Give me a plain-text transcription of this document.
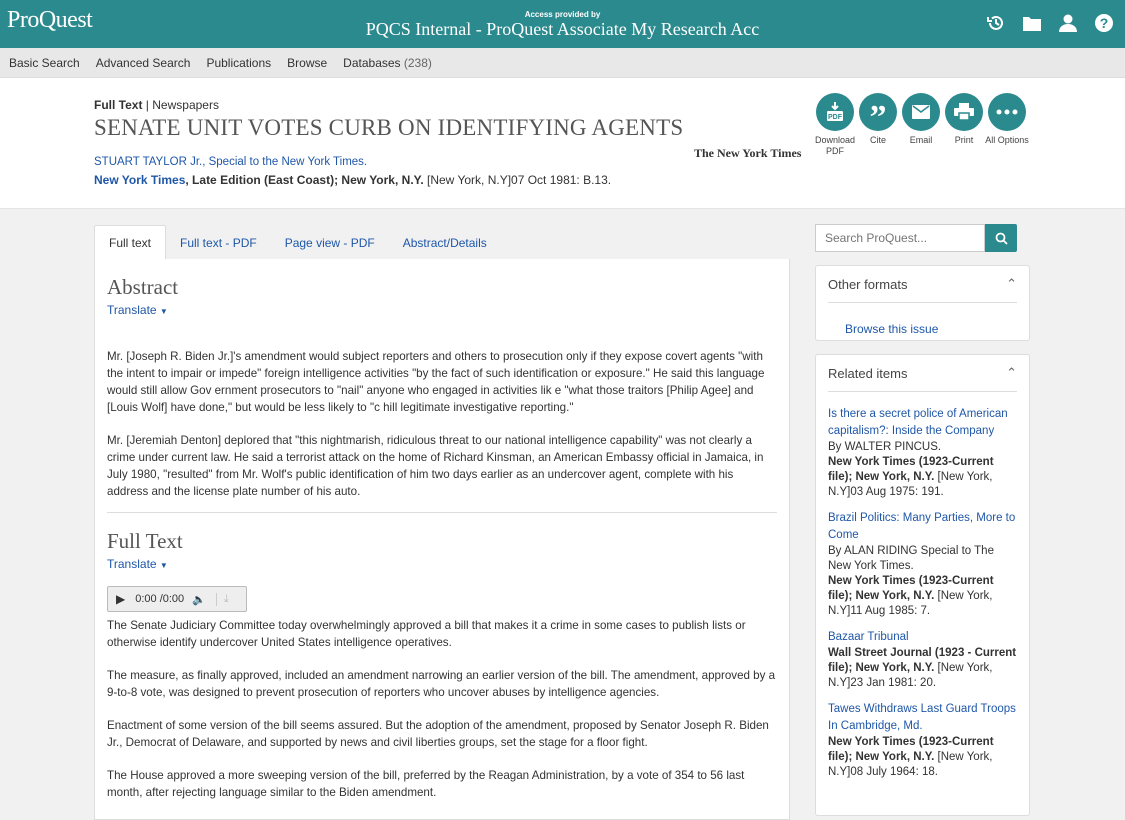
ProQuest	Access provided by
PQCS Internal - ProQuest Associate My Research Acc	?
Basic Search Advanced Search Publications Browse Databases (238)
Full Text | Newspapers
SENATE UNIT VOTES CURB ON IDENTIFYING AGENTS
STUART TAYLOR Jr., Special to the New York Times.
New York Times, Late Edition (East Coast); New York, N.Y. [New York, N.Y]07 Oct 1981: B.13.
The New York Times
PDF
Download PDF
”
Cite	Email	Print	All Options
Full text	Full text - PDF	Page view - PDF	Abstract/Details
Abstract
Translate ▼

Mr. [Joseph R. Biden Jr.]'s amendment would subject reporters and others to prosecution only if they expose covert agents "with the intent to impair or impede" foreign intelligence activities "by the fact of such identification or exposure." He said this language would still allow Gov ernment prosecutors to "nail" anyone who engaged in activities lik e "what those traitors [Philip Agee] and [Louis Wolf] have done," but would be less likely to "c hill legitimate investigative reporting."

Mr. [Jeremiah Denton] deplored that "this nightmarish, ridiculous threat to our national intelligence capability" was not clearly a crime under current law. He said a terrorist attack on the home of Richard Kinsman, an American Embassy official in Jamaica, in July 1980, "resulted" from Mr. Wolf's public identification of him two days earlier as an undercover agent, complete with his address and the license plate number of his auto.

Full Text
Translate ▼
▶ 0:00 /0:00 🔈	⤓

The Senate Judiciary Committee today overwhelmingly approved a bill that makes it a crime in some cases to publish lists or otherwise identify undercover United States intelligence operatives.

The measure, as finally approved, included an amendment narrowing an earlier version of the bill. The amendment, approved by a 9-to-8 vote, was designed to prevent prosecution of reporters who uncover abuses by intelligence agencies.

Enactment of some version of the bill seems assured. But the adoption of the amendment, proposed by Senator Joseph R. Biden Jr., Democrat of Delaware, and supported by news and civil liberties groups, set the stage for a floor fight.

The House approved a more sweeping version of the bill, preferred by the Reagan Administration, by a vote of 354 to 56 last month, after rejecting language similar to the Biden amendment.

Search ProQuest...
Other formats	⌃
Browse this issue
Related items	⌃
Is there a secret police of American capitalism?: Inside the Company
By WALTER PINCUS.
New York Times (1923-Current file); New York, N.Y. [New York, N.Y]03 Aug 1975: 191.
Brazil Politics: Many Parties, More to Come
By ALAN RIDING Special to The New York Times.
New York Times (1923-Current file); New York, N.Y. [New York, N.Y]11 Aug 1985: 7.
Bazaar Tribunal
Wall Street Journal (1923 - Current file); New York, N.Y. [New York, N.Y]23 Jan 1981: 20.
Tawes Withdraws Last Guard Troops In Cambridge, Md.
New York Times (1923-Current file); New York, N.Y. [New York, N.Y]08 July 1964: 18.
